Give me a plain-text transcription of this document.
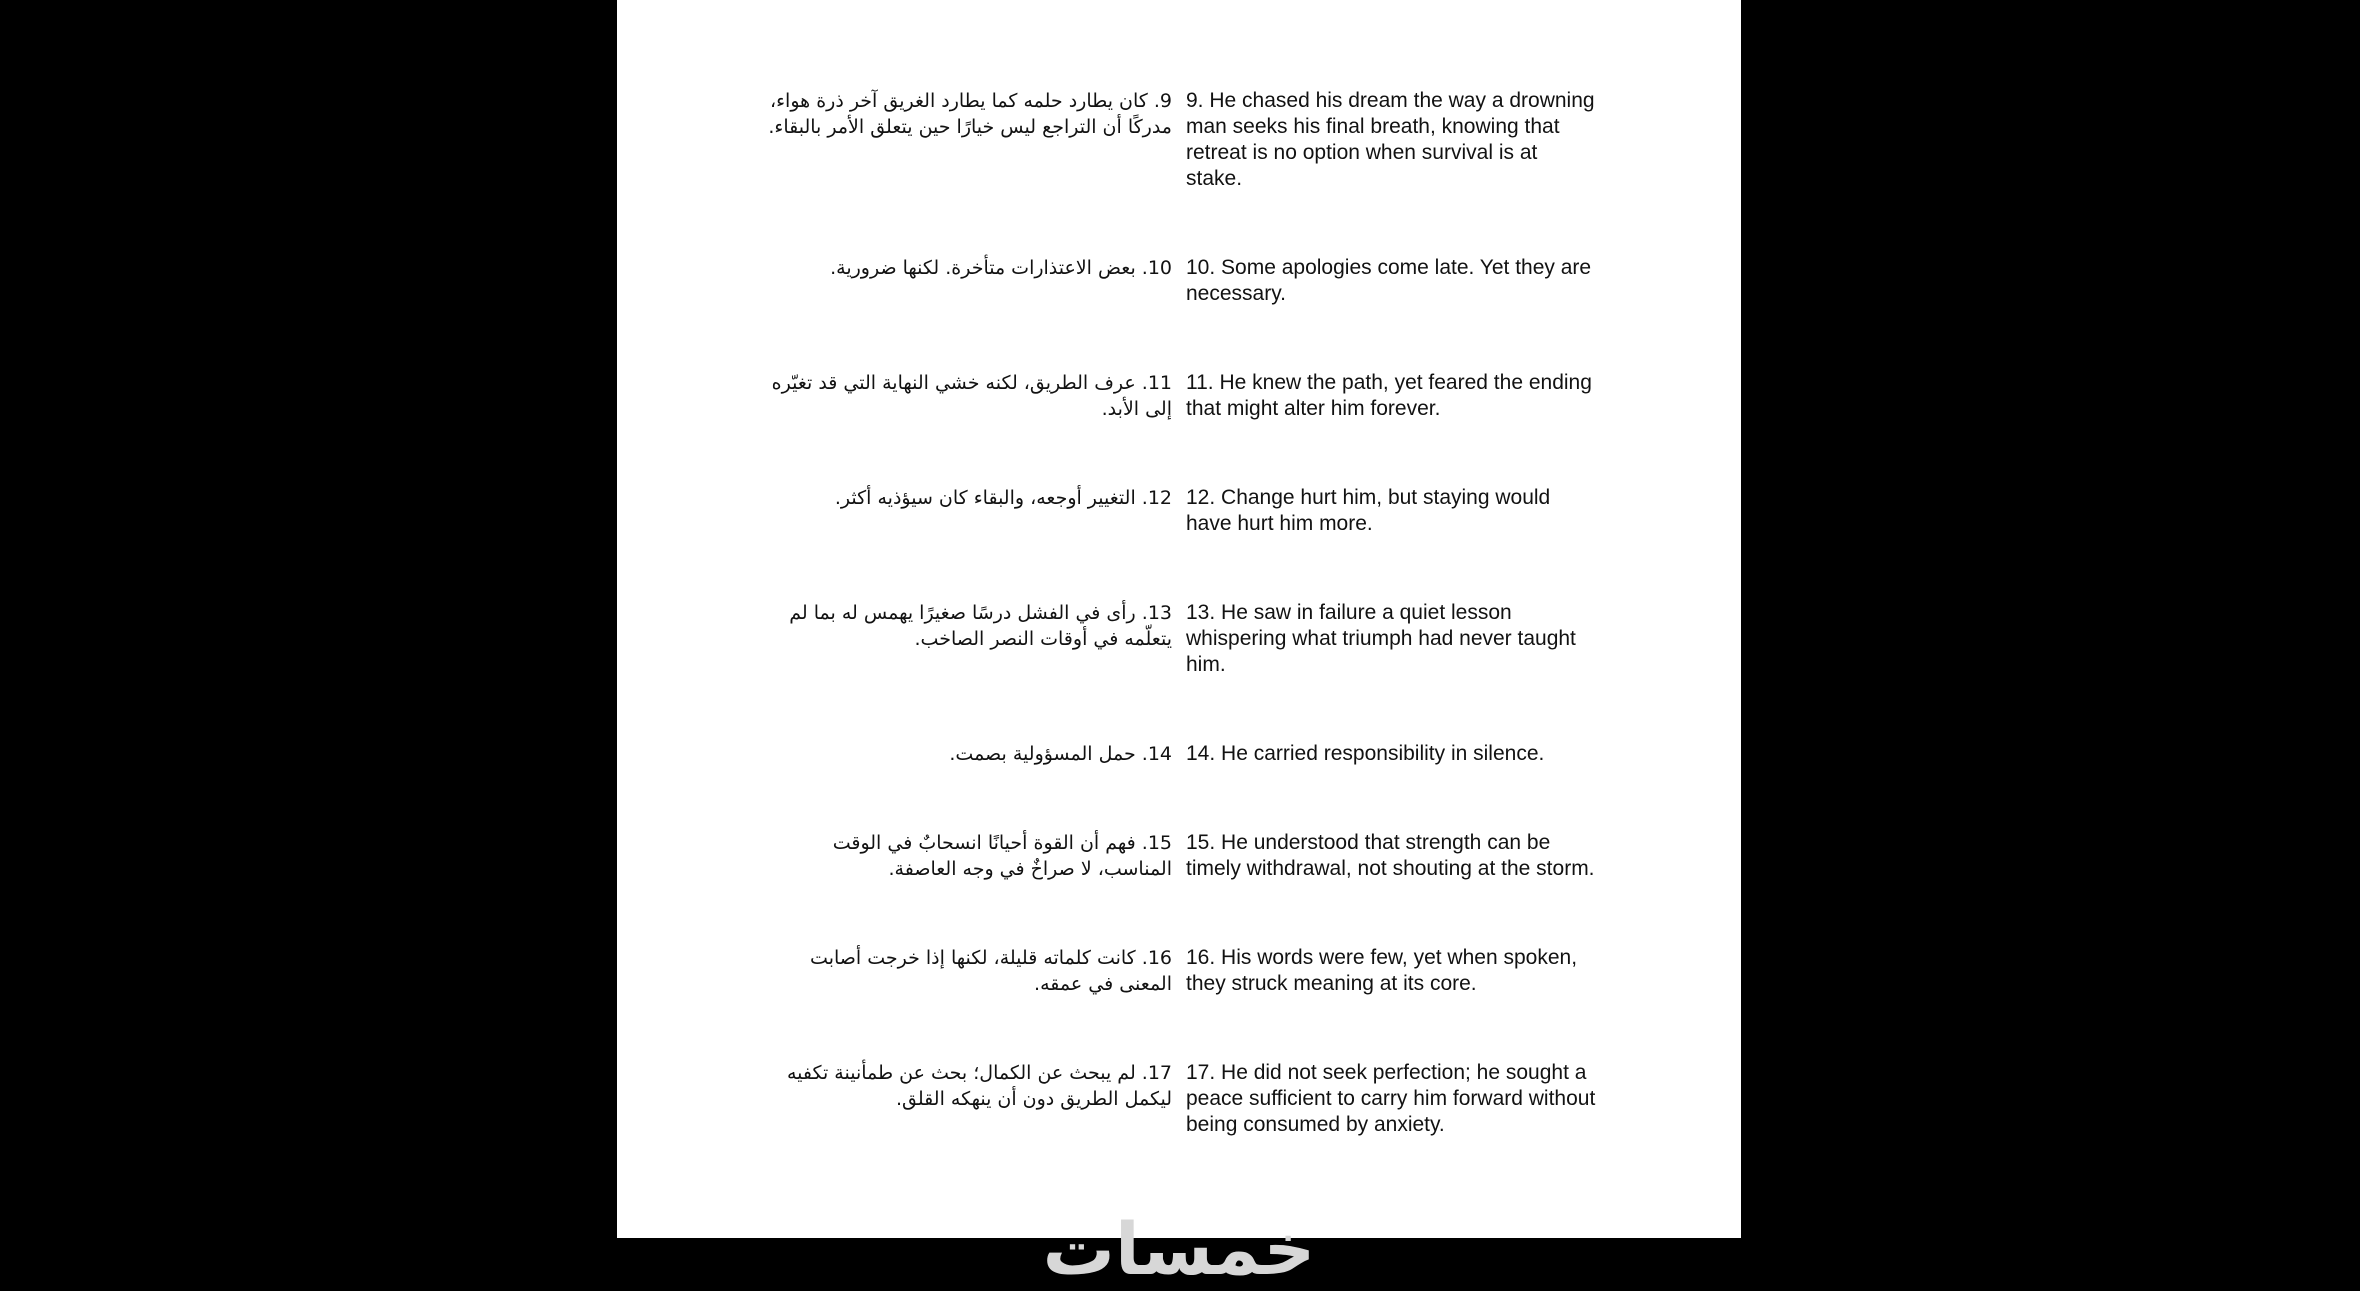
9. كان يطارد حلمه كما يطارد الغريق آخر ذرة هواء، مدركًا أن التراجع ليس خيارًا حين يتعلق الأمر بالبقاء.
9. He chased his dream the way a drowning man seeks his final breath, knowing that retreat is no option when survival is at stake.
10. بعض الاعتذارات متأخرة. لكنها ضرورية. 10. Some apologies come late. Yet they are necessary.
11. عرف الطريق، لكنه خشي النهاية التي قد تغيّره إلى الأبد.
11. He knew the path, yet feared the ending that might alter him forever.
12. التغيير أوجعه، والبقاء كان سيؤذيه أكثر. 12. Change hurt him, but staying would have hurt him more.
13. رأى في الفشل درسًا صغيرًا يهمس له بما لم يتعلّمه في أوقات النصر الصاخب.
13. He saw in failure a quiet lesson whispering what triumph had never taught him.
14. حمل المسؤولية بصمت. 14. He carried responsibility in silence.
15. فهم أن القوة أحيانًا انسحابٌ في الوقت المناسب، لا صراخٌ في وجه العاصفة.
15. He understood that strength can be timely withdrawal, not shouting at the storm.
16. كانت كلماته قليلة، لكنها إذا خرجت أصابت المعنى في عمقه.
16. His words were few, yet when spoken, they struck meaning at its core.
17. لم يبحث عن الكمال؛ بحث عن طمأنينة تكفيه ليكمل الطريق دون أن ينهكه القلق.
17. He did not seek perfection; he sought a peace sufficient to carry him forward without being consumed by anxiety.
خمسات
